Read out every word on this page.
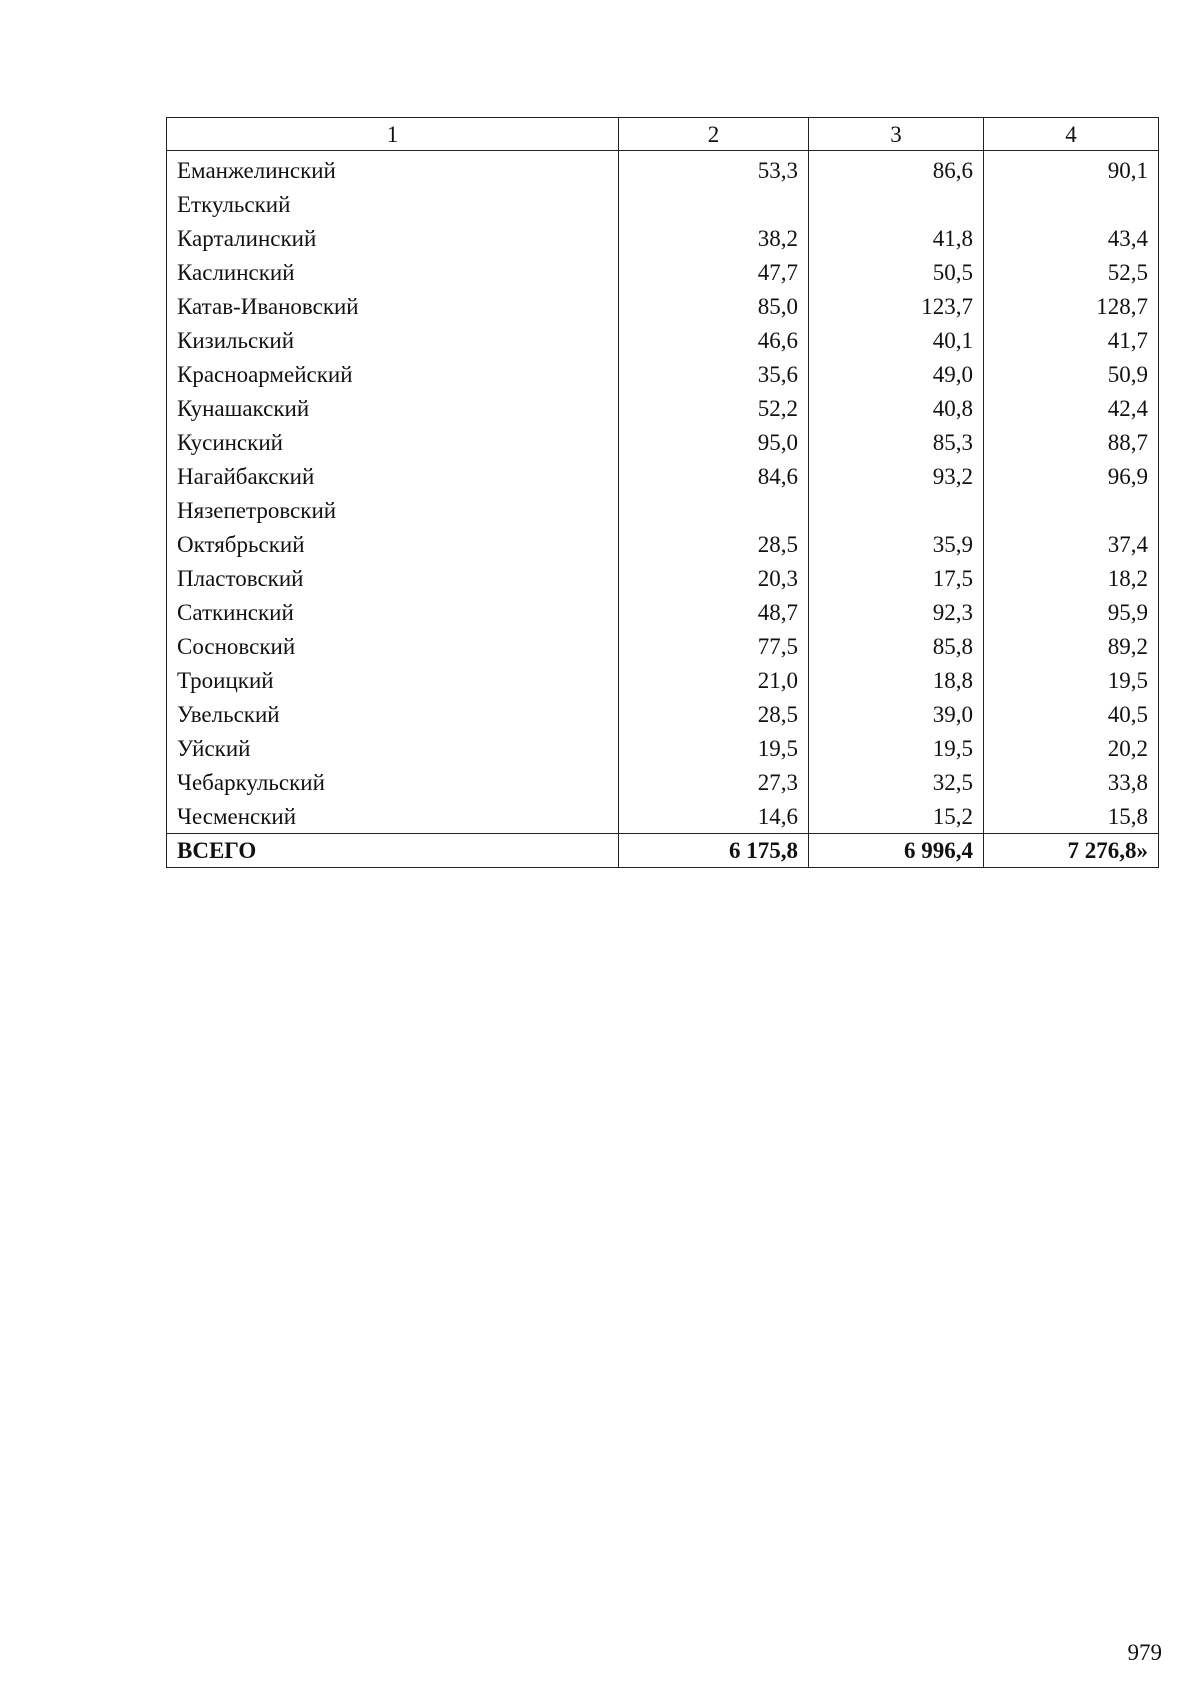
1	2	3	4
Еманжелинский	53,3	86,6	90,1
Еткульский			
Карталинский	38,2	41,8	43,4
Каслинский	47,7	50,5	52,5
Катав-Ивановский	85,0	123,7	128,7
Кизильский	46,6	40,1	41,7
Красноармейский	35,6	49,0	50,9
Кунашакский	52,2	40,8	42,4
Кусинский	95,0	85,3	88,7
Нагайбакский	84,6	93,2	96,9
Нязепетровский			
Октябрьский	28,5	35,9	37,4
Пластовский	20,3	17,5	18,2
Саткинский	48,7	92,3	95,9
Сосновский	77,5	85,8	89,2
Троицкий	21,0	18,8	19,5
Увельский	28,5	39,0	40,5
Уйский	19,5	19,5	20,2
Чебаркульский	27,3	32,5	33,8
Чесменский	14,6	15,2	15,8
ВСЕГО	6 175,8	6 996,4	7 276,8»
979
